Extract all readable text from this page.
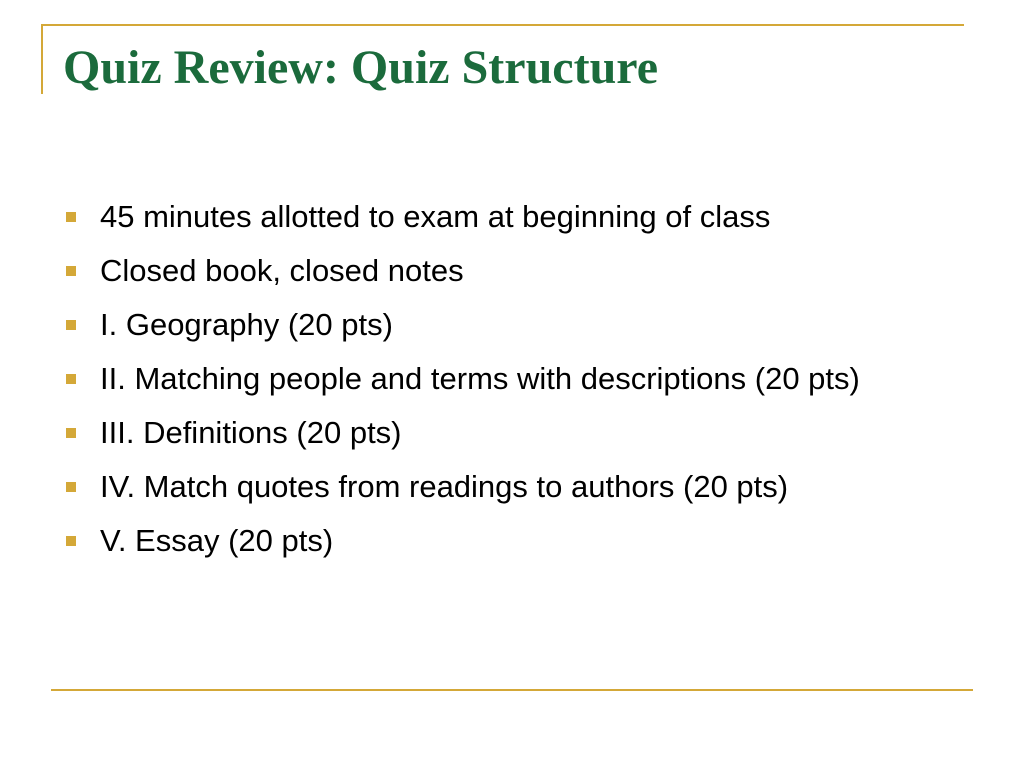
Quiz Review: Quiz Structure
45 minutes allotted to exam at beginning of class
Closed book, closed notes
I. Geography (20 pts)
II. Matching people and terms with descriptions (20 pts)
III. Definitions (20 pts)
IV. Match quotes from readings to authors (20 pts)
V. Essay (20 pts)
